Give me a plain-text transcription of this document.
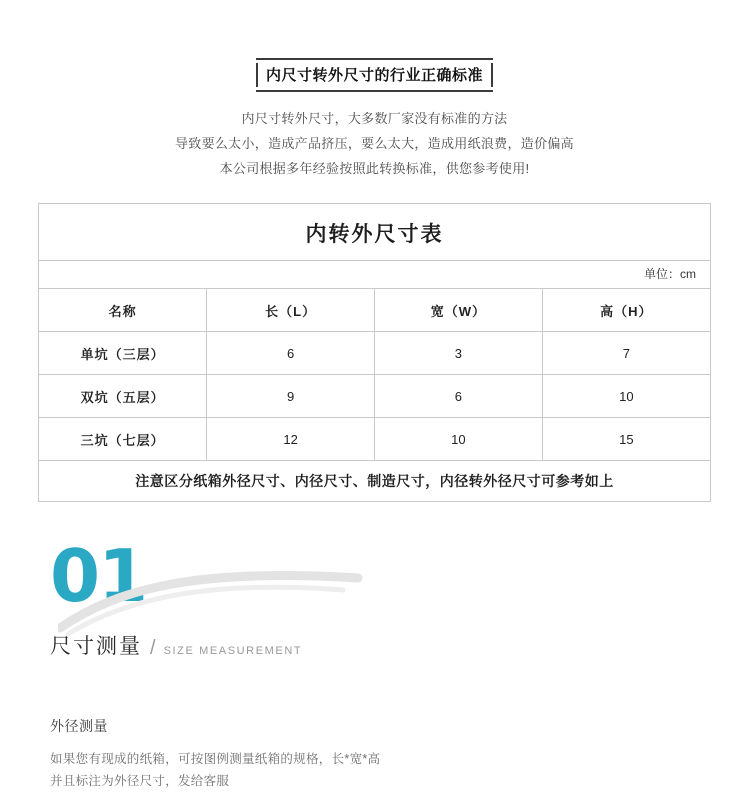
内尺寸转外尺寸的行业正确标准
内尺寸转外尺寸，大多数厂家没有标准的方法
导致要么太小，造成产品挤压，要么太大，造成用纸浪费，造价偏高
本公司根据多年经验按照此转换标准，供您参考使用!
内转外尺寸表
单位：cm
名称	长（L）	宽（W）	高（H）
单坑（三层）	6	3	7
双坑（五层）	9	6	10
三坑（七层）	12	10	15
注意区分纸箱外径尺寸、内径尺寸、制造尺寸，内径转外径尺寸可参考如上
01
尺寸测量 / SIZE MEASUREMENT
外径测量
如果您有现成的纸箱，可按图例测量纸箱的规格，长*宽*高
并且标注为外径尺寸，发给客服
